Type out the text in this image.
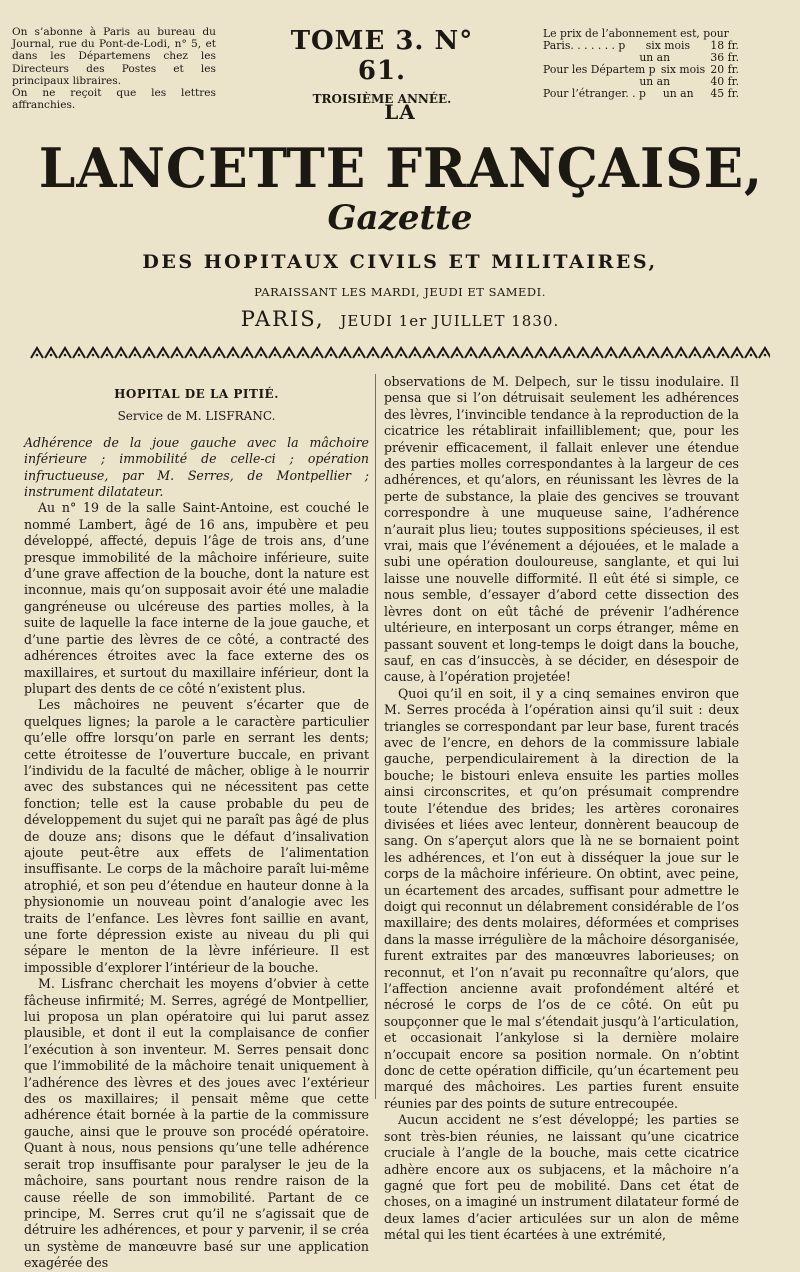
On s’abonne à Paris au bureau du Journal, rue du Pont-de-Lodi, n° 5, et dans les Départemens chez les Directeurs des Postes et les principaux libraires.

On ne reçoit que les lettres affranchies.

TOME 3. N° 61.
TROISIÈME ANNÉE.
Le prix de l’abonnement est, pour
Paris. . . . . . . p six mois 18 fr.
un an	36 fr.
Pour les Départem p six mois 20 fr.
un an	40 fr.
Pour l’étranger. . p un an 45 fr.
LA
LANCETTE FRANÇAISE,
Gazette
DES HOPITAUX CIVILS ET MILITAIRES,
PARAISSANT LES MARDI, JEUDI ET SAMEDI.
PARIS, JEUDI 1er JUILLET 1830.
HOPITAL DE LA PITIÉ.
Service de M. LISFRANC.

Adhérence de la joue gauche avec la mâchoire inférieure ; immobilité de celle-ci ; opération infructueuse, par M. Serres, de Montpellier ; instrument dilatateur.

Au n° 19 de la salle Saint-Antoine, est couché le nommé Lambert, âgé de 16 ans, impubère et peu développé, affecté, depuis l’âge de trois ans, d’une presque immobilité de la mâchoire inférieure, suite d’une grave affection de la bouche, dont la nature est inconnue, mais qu’on supposait avoir été une maladie gangréneuse ou ulcéreuse des parties molles, à la suite de laquelle la face interne de la joue gauche, et d’une partie des lèvres de ce côté, a contracté des adhérences étroites avec la face externe des os maxillaires, et surtout du maxillaire inférieur, dont la plupart des dents de ce côté n’existent plus.

Les mâchoires ne peuvent s’écarter que de quelques lignes; la parole a le caractère particulier qu’elle offre lorsqu’on parle en serrant les dents; cette étroitesse de l’ouverture buccale, en privant l’individu de la faculté de mâcher, oblige à le nourrir avec des substances qui ne nécessitent pas cette fonction; telle est la cause probable du peu de développement du sujet qui ne paraît pas âgé de plus de douze ans; disons que le défaut d’insalivation ajoute peut-être aux effets de l’alimentation insuffisante. Le corps de la mâchoire paraît lui-même atrophié, et son peu d’étendue en hauteur donne à la physionomie un nouveau point d’analogie avec les traits de l’enfance. Les lèvres font saillie en avant, une forte dépression existe au niveau du pli qui sépare le menton de la lèvre inférieure. Il est impossible d’explorer l’intérieur de la bouche.

M. Lisfranc cherchait les moyens d’obvier à cette fâcheuse infirmité; M. Serres, agrégé de Montpellier, lui proposa un plan opératoire qui lui parut assez plausible, et dont il eut la complaisance de confier l’exécution à son inventeur. M. Serres pensait donc que l’immobilité de la mâchoire tenait uniquement à l’adhérence des lèvres et des joues avec l’extérieur des os maxillaires; il pensait même que cette adhérence était bornée à la partie de la commissure gauche, ainsi que le prouve son procédé opératoire. Quant à nous, nous pensions qu’une telle adhérence serait trop insuffisante pour paralyser le jeu de la mâchoire, sans pourtant nous rendre raison de la cause réelle de son immobilité. Partant de ce principe, M. Serres crut qu’il ne s’agissait que de détruire les adhérences, et pour y parvenir, il se créa un système de manœuvre basé sur une application exagérée des

observations de M. Delpech, sur le tissu inodulaire. Il pensa que si l’on détruisait seulement les adhérences des lèvres, l’invincible tendance à la reproduction de la cicatrice les rétablirait infailliblement; que, pour les prévenir efficacement, il fallait enlever une étendue des parties molles correspondantes à la largeur de ces adhérences, et qu’alors, en réunissant les lèvres de la perte de substance, la plaie des gencives se trouvant correspondre à une muqueuse saine, l’adhérence n’aurait plus lieu; toutes suppositions spécieuses, il est vrai, mais que l’événement a déjouées, et le malade a subi une opération douloureuse, sanglante, et qui lui laisse une nouvelle difformité. Il eût été si simple, ce nous semble, d’essayer d’abord cette dissection des lèvres dont on eût tâché de prévenir l’adhérence ultérieure, en interposant un corps étranger, même en passant souvent et long-temps le doigt dans la bouche, sauf, en cas d’insuccès, à se décider, en désespoir de cause, à l’opération projetée!

Quoi qu’il en soit, il y a cinq semaines environ que M. Serres procéda à l’opération ainsi qu’il suit : deux triangles se correspondant par leur base, furent tracés avec de l’encre, en dehors de la commissure labiale gauche, perpendiculairement à la direction de la bouche; le bistouri enleva ensuite les parties molles ainsi circonscrites, et qu’on présumait comprendre toute l’étendue des brides; les artères coronaires divisées et liées avec lenteur, donnèrent beaucoup de sang. On s’aperçut alors que là ne se bornaient point les adhérences, et l’on eut à disséquer la joue sur le corps de la mâchoire inférieure. On obtint, avec peine, un écartement des arcades, suffisant pour admettre le doigt qui reconnut un délabrement considérable de l’os maxillaire; des dents molaires, déformées et comprises dans la masse irrégulière de la mâchoire désorganisée, furent extraites par des manœuvres laborieuses; on reconnut, et l’on n’avait pu reconnaître qu’alors, que l’affection ancienne avait profondément altéré et nécrosé le corps de l’os de ce côté. On eût pu soupçonner que le mal s’étendait jusqu’à l’articulation, et occasionait l’ankylose si la dernière molaire n’occupait encore sa position normale. On n’obtint donc de cette opération difficile, qu’un écartement peu marqué des mâchoires. Les parties furent ensuite réunies par des points de suture entrecoupée.

Aucun accident ne s’est développé; les parties se sont très-bien réunies, ne laissant qu’une cicatrice cruciale à l’angle de la bouche, mais cette cicatrice adhère encore aux os subjacens, et la mâchoire n’a gagné que fort peu de mobilité. Dans cet état de choses, on a imaginé un instrument dilatateur formé de deux lames d’acier articulées sur un alon de même métal qui les tient écartées à une extrémité,
